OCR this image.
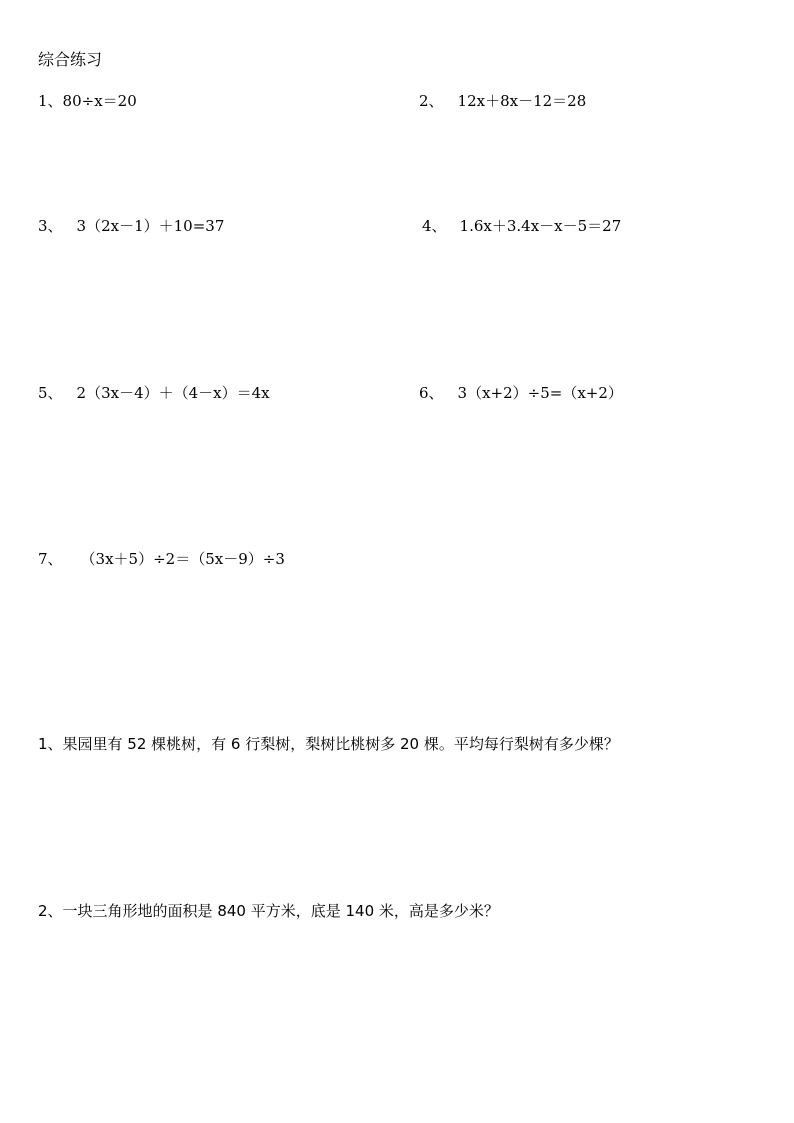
综合练习
1、80÷x＝20	2、 12x＋8x－12＝28
3、 3（2x－1）＋10=37	4、 1.6x＋3.4x－x－5＝27
5、 2（3x－4）＋（4－x）＝4x	6、 3（x+2）÷5=（x+2）
7、 （3x＋5）÷2＝（5x－9）÷3
1、果园里有 52 棵桃树，有 6 行梨树，梨树比桃树多 20 棵。平均每行梨树有多少棵？
2、一块三角形地的面积是 840 平方米，底是 140 米，高是多少米？
